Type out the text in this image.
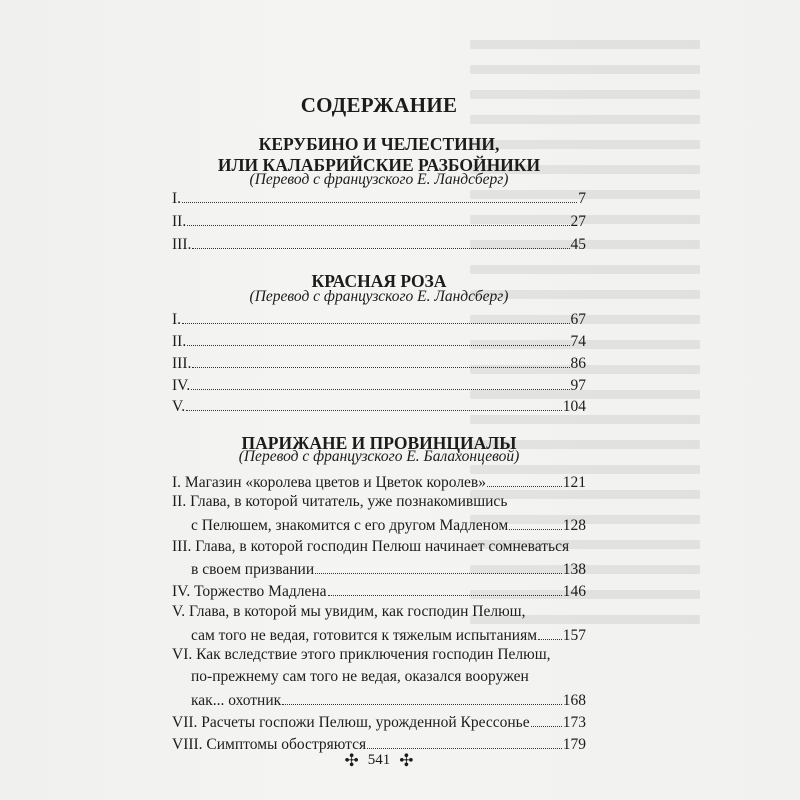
СОДЕРЖАНИЕ
КЕРУБИНО И ЧЕЛЕСТИНИ,
ИЛИ КАЛАБРИЙСКИЕ РАЗБОЙНИКИ
(Перевод с французского Е. Ландсберг)
I.	7
II.	27
III.	45
КРАСНАЯ РОЗА
(Перевод с французского Е. Ландсберг)
I.	67
II.	74
III.	86
IV.	97
V.	104
ПАРИЖАНЕ И ПРОВИНЦИАЛЫ
(Перевод с французского Е. Балахонцевой)
I. Магазин «королева цветов и Цветок королев»	121
II. Глава, в которой читатель, уже познакомившись
с Пелюшем, знакомится с его другом Мадленом	128
III. Глава, в которой господин Пелюш начинает сомневаться
в своем призвании	138
IV. Торжество Мадлена	146
V. Глава, в которой мы увидим, как господин Пелюш,
сам того не ведая, готовится к тяжелым испытаниям 157
VI. Как вследствие этого приключения господин Пелюш,
по-прежнему сам того не ведая, оказался вооружен
как... охотник	168
VII. Расчеты госпожи Пелюш, урожденной Крессонье 173
VIII. Симптомы обостряются	179
✣ 541 ✣
